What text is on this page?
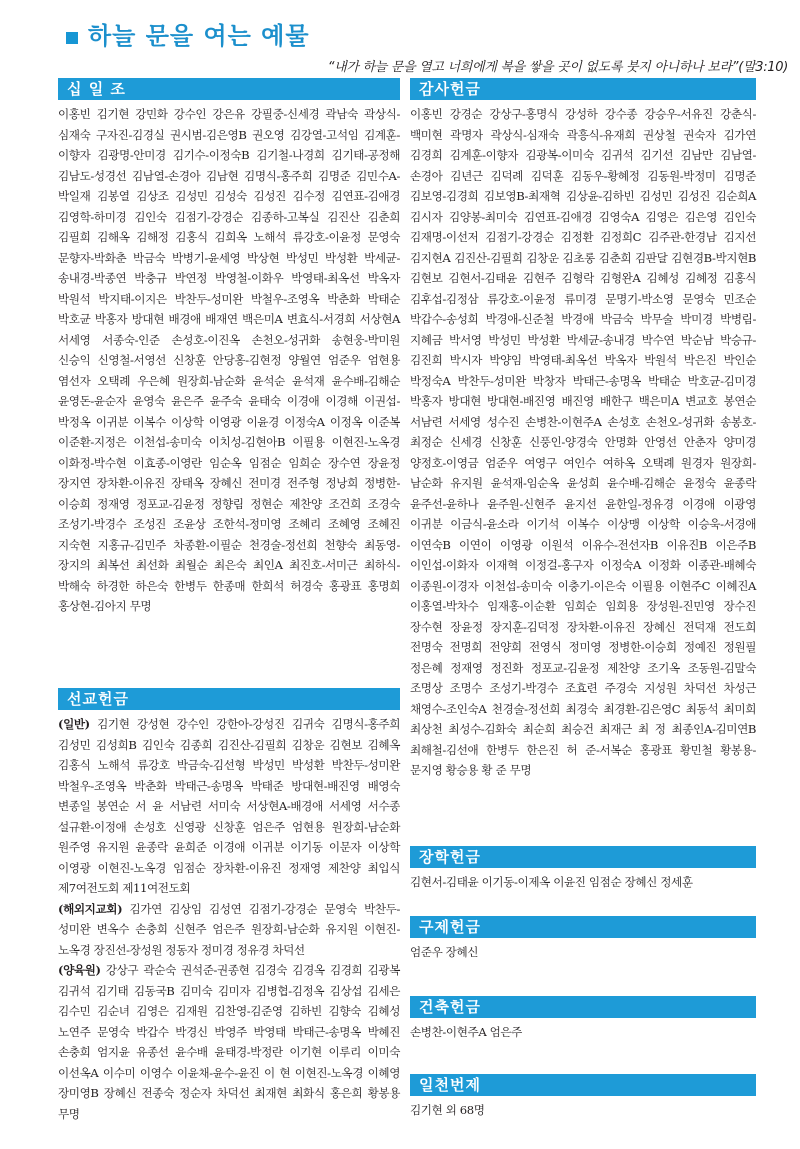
하늘 문을 여는 예물
“내가 하늘 문을 열고 너희에게 복을 쌓을 곳이 없도록 붓지 아니하나 보라”(말3:10)
십 일 조
이홍빈 김기현 강민화 강수인 강은유 강필중-신세경 곽남숙 곽상식-심재숙 구자진-김경실 권시범-김은영B 권오영 김강열-고석임 김계훈-이향자 김광명-안미경 김기수-이정숙B 김기철-나경희 김기태-공정해 김남도-성경선 김남열-손경아 김남현 김명식-홍주희 김명준 김민수A-박일재 김봉열 김상조 김성민 김성숙 김성진 김수정 김연표-김애경 김영학-하미경 김인숙 김점기-강경순 김종하-고복실 김진산 김춘희 김필희 김해옥 김해정 김홍식 김희옥 노해석 류강호-이윤정 문영숙 문향자-박화춘 박금숙 박병기-윤세영 박상현 박성민 박성환 박세균-송내경-박종연 박충규 박연정 박영철-이화우 박영태-최옥선 박옥자 박원석 박지태-이지은 박찬두-성미완 박철우-조영옥 박춘화 박태순 박호균 박홍자 방대현 배경애 배재연 백은미A 변효식-서경희 서상현A 서세영 서종숙-인준 손성호-이진옥 손천오-성귀화 송현웅-박미원 신승익 신영철-서영선 신창훈 안당홍-김현정 양월연 엄준우 엄현용 염선자 오택례 우은혜 원장희-남순화 윤석순 윤석재 윤수배-김해순 윤영돈-윤순자 윤영숙 윤은주 윤주숙 윤태숙 이경애 이경해 이권섭-박정옥 이귀분 이복수 이상학 이영광 이윤경 이정숙A 이정옥 이준복 이준환-지정은 이천섭-송미숙 이치성-김현아B 이필용 이현진-노옥경 이화정-박수현 이효종-이영란 임순옥 임점순 임희순 장수연 장윤정 장지연 장차환-이유진 장태옥 장혜신 전미경 전주형 정낭희 정병한-이승희 정재영 정포교-김윤정 정향림 정현순 제찬양 조건희 조경숙 조성기-박경수 조성진 조윤상 조한석-정미영 조혜리 조혜영 조혜진 지숙현 지홍규-김민주 차종환-이필순 천경술-정선희 천향숙 최동영-장지의 최복선 최선화 최월순 최은숙 최인A 최진호-서미근 최하식-박해숙 하경한 하은숙 한병두 한종매 한희석 허경숙 홍광표 홍명희 홍상현-김아지 무명
선교헌금

(일반) 김기현 강성현 강수인 강한아-강성진 김귀숙 김명식-홍주희 김성민 김성희B 김인숙 김종희 김진산-김필희 김창운 김현보 김혜옥 김홍식 노해석 류강호 박금숙-김선형 박성민 박성환 박찬두-성미완 박철우-조영옥 박춘화 박태근-송명옥 박태준 방대현-배진영 배영숙 변종일 봉연순 서 윤 서남련 서미숙 서상현A-배경애 서세영 서수종 설규환-이정애 손성호 신영광 신창훈 엄은주 엄현용 원장희-남순화 원주영 유지원 윤종락 윤희준 이경애 이귀분 이기동 이문자 이상학 이영광 이현진-노옥경 임점순 장차환-이유진 정재영 제찬양 최입식 제7여전도회 제11여전도회

(해외지교회) 김가연 김상임 김성연 김점기-강경순 문영숙 박찬두-성미완 변옥수 손충희 신현주 엄은주 원장희-남순화 유지원 이현진-노옥경 장진선-장성원 정동자 정미경 정유경 차덕선

(양육원) 강상구 곽순숙 권석준-권종현 김경숙 김경옥 김경희 김광복 김귀석 김기태 김동국B 김미숙 김미자 김병협-김정옥 김상섭 김세은 김수민 김순녀 김영은 김재원 김찬영-김준영 김하빈 김향숙 김혜성 노연주 문영숙 박갑수 박경신 박영주 박영태 박태근-송명옥 박혜진 손충희 엄지윤 유종선 윤수배 윤태경-박정란 이기현 이루리 이미숙 이선옥A 이수미 이영수 이윤채-윤수-윤진 이 현 이현진-노옥경 이혜영 장미영B 장혜신 전종숙 정순자 차덕선 최재현 최화식 홍은희 황봉용 무명

감사헌금
이홍빈 강경순 강상구-홍명식 강성하 강수종 강승우-서유진 강춘식-백미현 곽명자 곽상식-심재숙 곽흥식-유재희 권상철 권숙자 김가연 김경희 김계훈-이향자 김광복-이미숙 김귀석 김기선 김남만 김남열-손경아 김년근 김덕례 김덕훈 김동우-황혜정 김동원-박정미 김명준 김보영-김경희 김보영B-최재혁 김상윤-김하빈 김성민 김성진 김순희A 김시자 김양봉-최미숙 김연표-김애경 김영숙A 김영은 김은영 김인숙 김재명-이선저 김점기-강경순 김정환 김정희C 김주관-한경남 김지선 김지현A 김진산-김필희 김창운 김초롱 김춘희 김판달 김현경B-박지현B 김현보 김현서-김태윤 김현주 김형락 김형완A 김혜성 김혜정 김홍식 김후섭-김정삼 류강호-이윤정 류미경 문명기-박소영 문영숙 민조순 박갑수-송성희 박경애-신준철 박경애 박금숙 박무술 박미경 박병림-지혜금 박서영 박성민 박성환 박세균-송내경 박수연 박순남 박승규-김진희 박시자 박양임 박영태-최옥선 박옥자 박원석 박은진 박인순 박정숙A 박찬두-성미완 박창자 박태근-송명옥 박태순 박호균-김미경 박홍자 방대현 방대현-배진영 배진영 배한구 백은미A 변교호 봉연순 서남련 서세영 성수진 손병찬-이현주A 손성호 손천오-성귀화 송봉호-최정순 신세경 신창훈 신풍인-양경숙 안명화 안영선 안춘자 양미경 양정호-이영금 엄준우 여영구 여인수 여하옥 오택례 원경자 원장희-남순화 유지원 윤석재-임순옥 윤성희 윤수배-김해순 윤정숙 윤종락 윤주선-윤하나 윤주원-신현주 윤지선 윤한일-정유경 이경애 이광영 이귀분 이금식-윤소라 이기석 이복수 이상맹 이상학 이승욱-서경애 이연숙B 이연이 이영광 이원석 이유수-전선자B 이유진B 이은주B 이인섭-이화자 이재혁 이정걸-홍구자 이정숙A 이정화 이종관-배혜숙 이종원-이경자 이천섭-송미숙 이충기-이은숙 이필용 이현주C 이혜진A 이홍열-박차수 임재홍-이순환 임희순 임희용 장성원-진민영 장수진 장수현 장윤정 장지훈-김덕정 장차환-이유진 장혜신 전덕재 전도희 전명숙 전명희 전양희 전영식 정미영 정병한-이승희 정예진 정원필 정은혜 정재영 정진화 정포교-김윤정 제찬양 조기옥 조동원-김말숙 조명상 조명수 조성기-박경수 조효련 주경숙 지성원 차덕선 차성근 채영수-조인숙A 천경술-정선희 최경숙 최경환-김은영C 최동석 최미희 최상천 최성수-김화숙 최순희 최승건 최재근 최 정 최종인A-김미연B 최해철-김선애 한병두 한은진 허 준-서복순 홍광표 황민철 황봉용-문지영 황승용 황 준 무명
장학헌금
김현서-김태윤 이기동-이제옥 이윤진 임점순 장혜신 정세훈
구제헌금
엄준우 장혜신
건축헌금
손병찬-이현주A 엄은주
일천번제
김기현 외 68명
